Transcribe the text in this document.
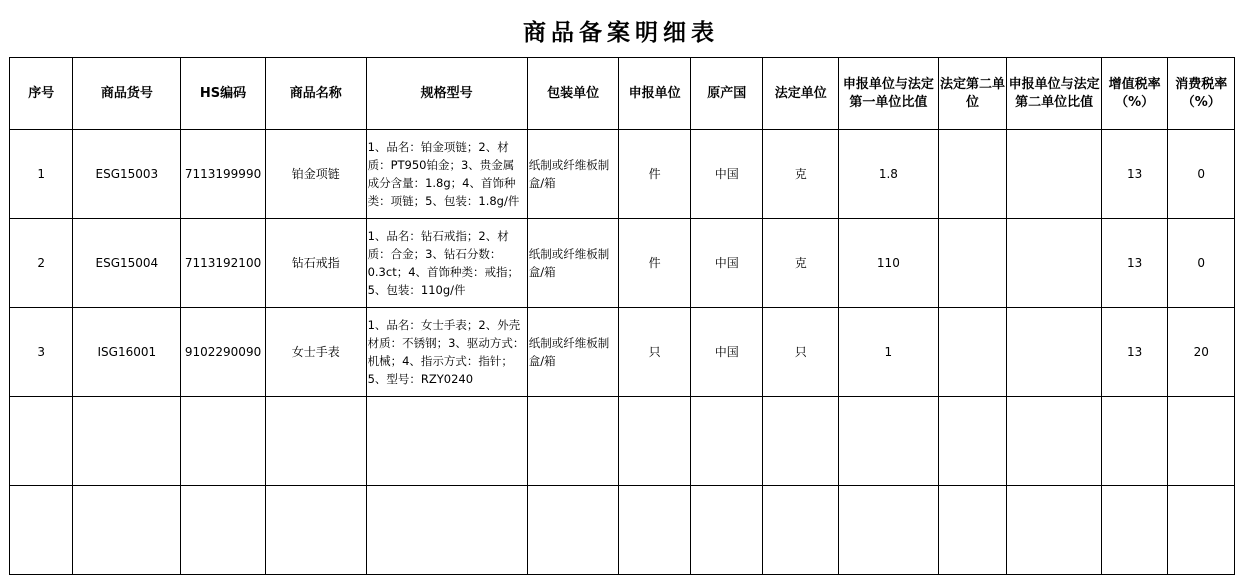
商品备案明细表
序号	商品货号	HS编码	商品名称	规格型号	包装单位	申报单位	原产国	法定单位	申报单位与法定第一单位比值	法定第二单位	申报单位与法定第二单位比值	增值税率（%）	消费税率（%）
1	ESG15003	7113199990	铂金项链	1、品名：铂金项链；2、材质：PT950铂金；3、贵金属成分含量：1.8g；4、首饰种类：项链；5、包装：1.8g/件	纸制或纤维板制盒/箱	件	中国	克	1.8			13	0
2	ESG15004	7113192100	钻石戒指	1、品名：钻石戒指；2、材质：合金；3、钻石分数：0.3ct；4、首饰种类：戒指；5、包装：110g/件	纸制或纤维板制盒/箱	件	中国	克	110			13	0
3	ISG16001	9102290090	女士手表	1、品名：女士手表；2、外壳材质：不锈钢；3、驱动方式：机械；4、指示方式：指针；5、型号：RZY0240	纸制或纤维板制盒/箱	只	中国	只	1			13	20
